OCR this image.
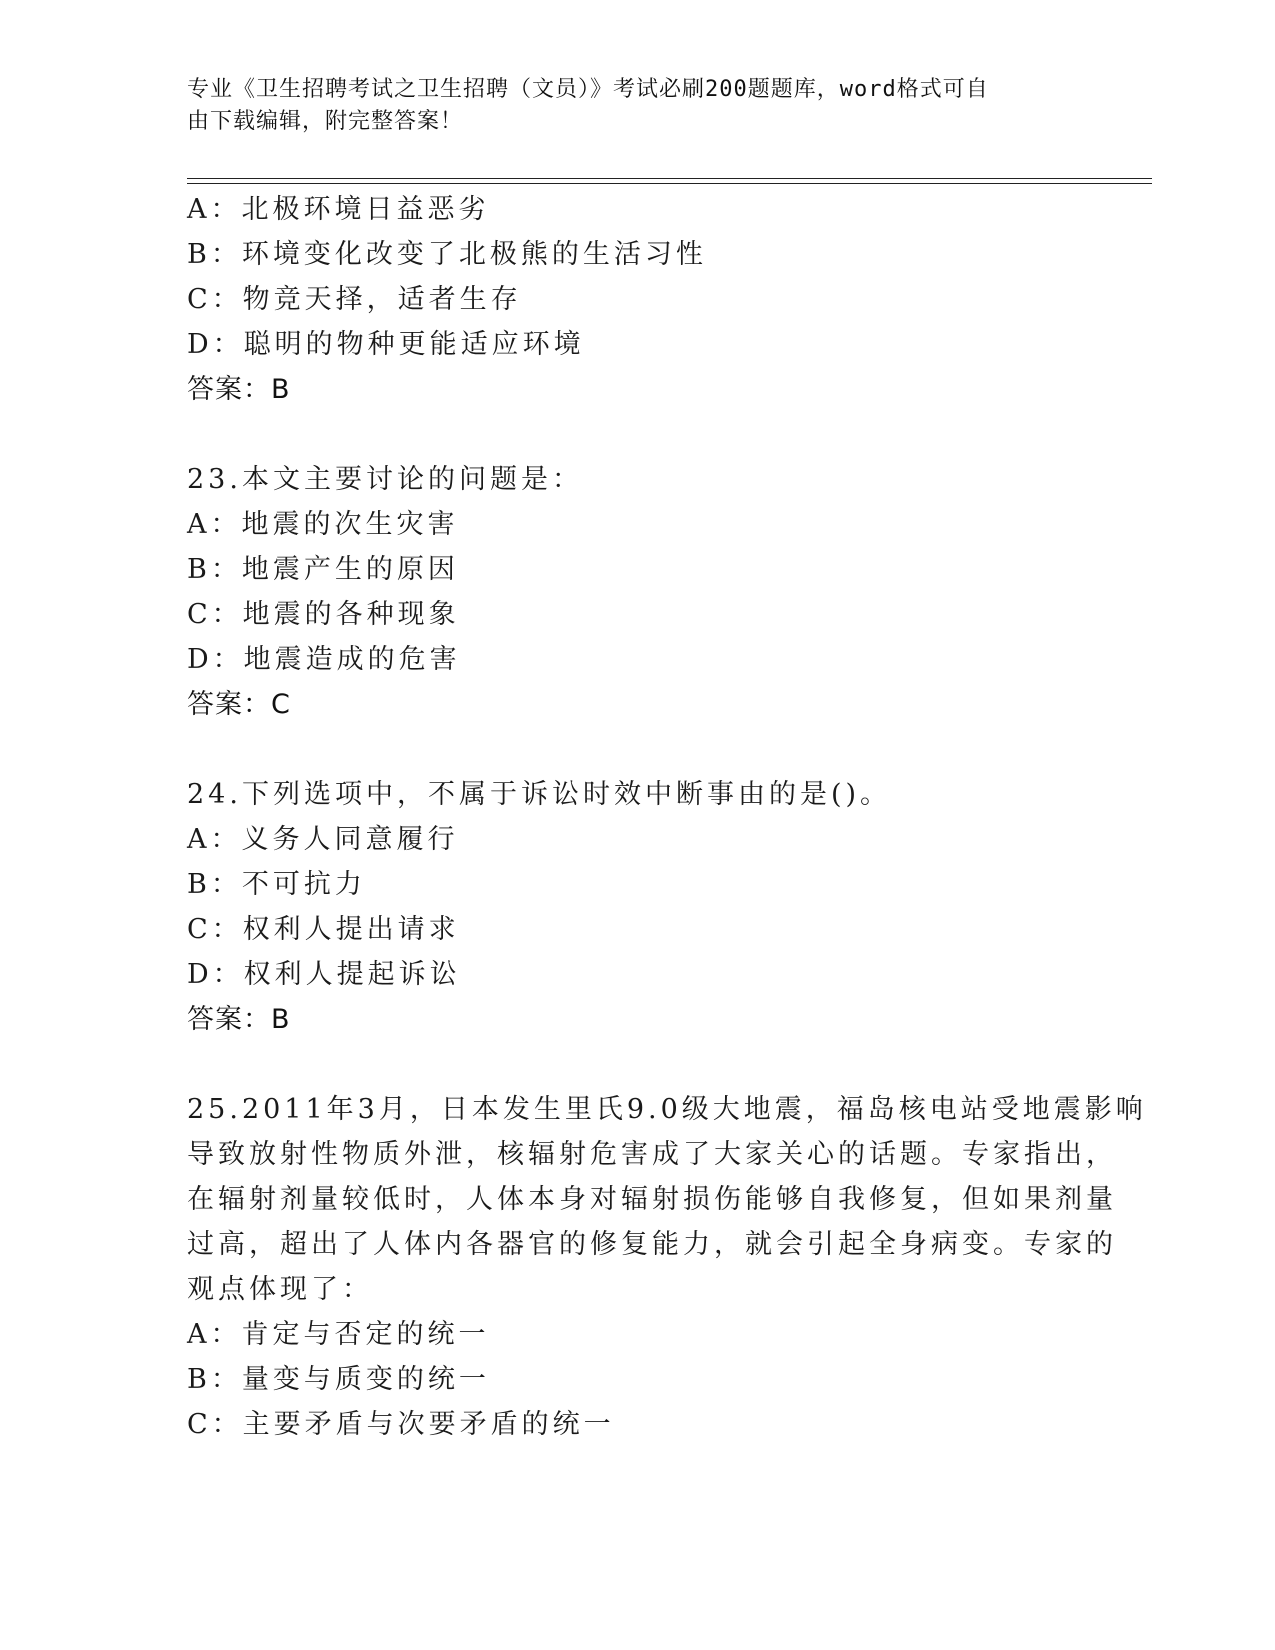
专业《卫生招聘考试之卫生招聘（文员）》考试必刷200题题库，word格式可自
由下载编辑，附完整答案！
A：北极环境日益恶劣
B：环境变化改变了北极熊的生活习性
C：物竞天择，适者生存
D：聪明的物种更能适应环境
答案：B
23.本文主要讨论的问题是：
A：地震的次生灾害
B：地震产生的原因
C：地震的各种现象
D：地震造成的危害
答案：C
24.下列选项中，不属于诉讼时效中断事由的是()。
A：义务人同意履行
B：不可抗力
C：权利人提出请求
D：权利人提起诉讼
答案：B
25.2011年3月，日本发生里氏9.0级大地震，福岛核电站受地震影响
导致放射性物质外泄，核辐射危害成了大家关心的话题。专家指出，
在辐射剂量较低时，人体本身对辐射损伤能够自我修复，但如果剂量
过高，超出了人体内各器官的修复能力，就会引起全身病变。专家的
观点体现了：
A：肯定与否定的统一
B：量变与质变的统一
C：主要矛盾与次要矛盾的统一
